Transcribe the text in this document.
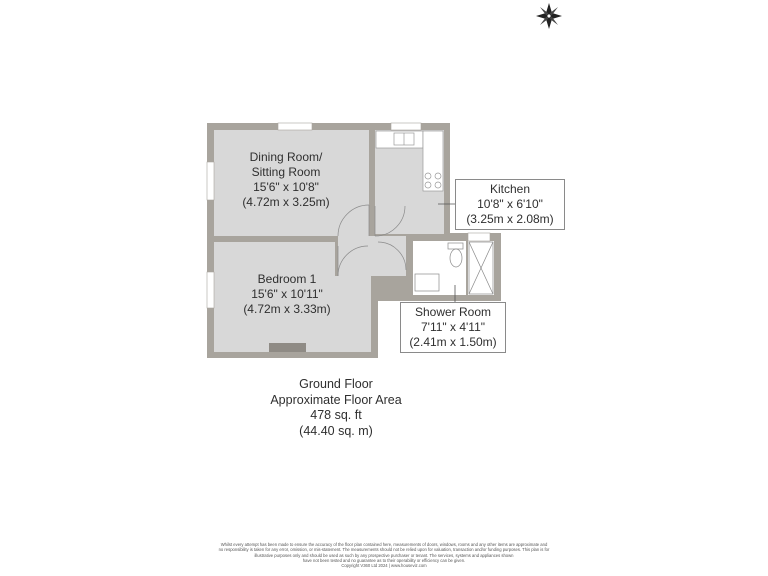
Dining Room/
Sitting Room
15'6" x 10'8"
(4.72m x 3.25m)
Kitchen
10'8" x 6'10"
(3.25m x 2.08m)
Bedroom 1
15'6" x 10'11"
(4.72m x 3.33m)	Shower Room
7'11" x 4'11"
(2.41m x 1.50m)
Ground Floor
Approximate Floor Area
478 sq. ft
(44.40 sq. m)
Whilst every attempt has been made to ensure the accuracy of the floor plan contained here, measurements of doors, windows, rooms and any other items are approximate and
no responsibility is taken for any error, omission, or mis-statement. The measurements should not be relied upon for valuation, transaction and/or funding purposes. This plan is for
illustrative purposes only and should be used as such by any prospective purchaser or tenant. The services, systems and appliances shown
have not been tested and no guarantee as to their operability or efficiency can be given.
Copyright V360 Ltd 2024 | www.houseviz.com
